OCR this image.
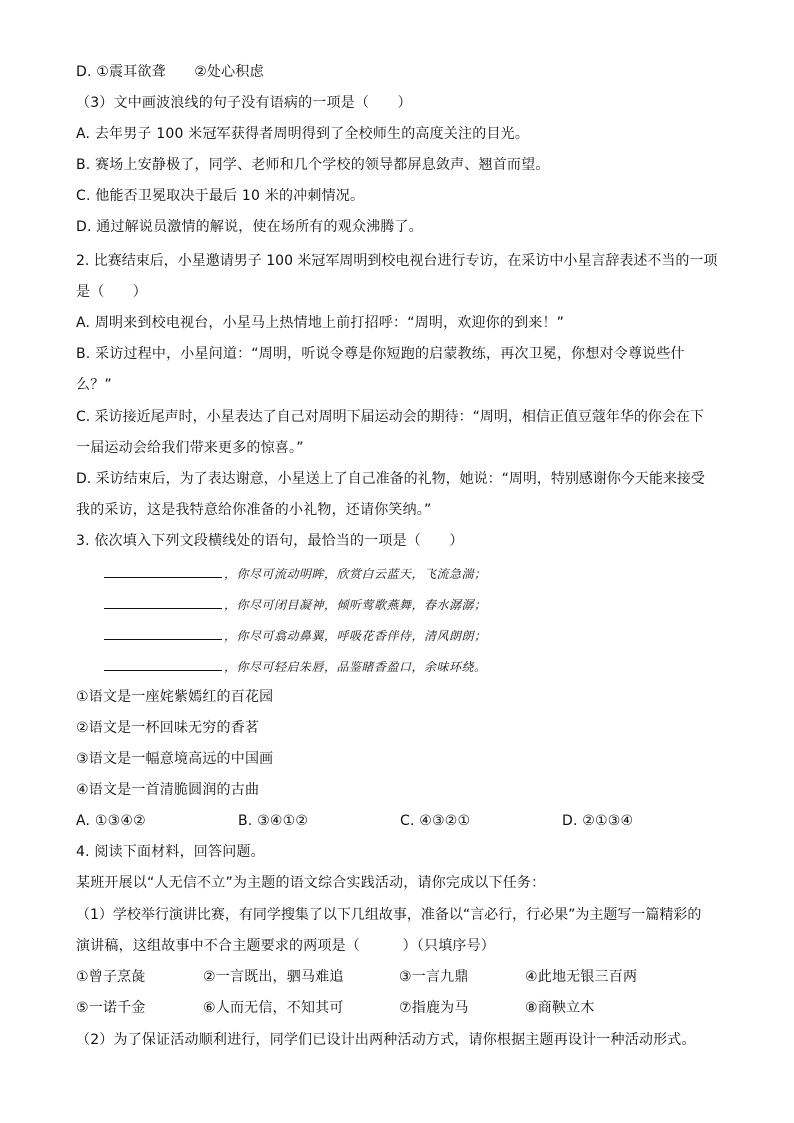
D. ①震耳欲聋　　②处心积虑
（3）文中画波浪线的句子没有语病的一项是（　　）
A. 去年男子 100 米冠军获得者周明得到了全校师生的高度关注的目光。
B. 赛场上安静极了，同学、老师和几个学校的领导都屏息敛声、翘首而望。
C. 他能否卫冕取决于最后 10 米的冲刺情况。
D. 通过解说员激情的解说，使在场所有的观众沸腾了。
2. 比赛结束后，小星邀请男子 100 米冠军周明到校电视台进行专访，在采访中小星言辞表述不当的一项
是（　　）
A. 周明来到校电视台，小星马上热情地上前打招呼：“周明，欢迎你的到来！”
B. 采访过程中，小星问道：“周明，听说令尊是你短跑的启蒙教练，再次卫冕，你想对令尊说些什
么？”
C. 采访接近尾声时，小星表达了自己对周明下届运动会的期待：“周明，相信正值豆蔻年华的你会在下
一届运动会给我们带来更多的惊喜。”
D. 采访结束后，为了表达谢意，小星送上了自己准备的礼物，她说：“周明，特别感谢你今天能来接受
我的采访，这是我特意给你准备的小礼物，还请你笑纳。”
3. 依次填入下列文段横线处的语句，最恰当的一项是（　　）
，你尽可流动明眸，欣赏白云蓝天，飞流急湍；
，你尽可闭目凝神，倾听莺歌燕舞，春水潺潺；
，你尽可翕动鼻翼，呼吸花香伴侍，清风朗朗；
，你尽可轻启朱唇，品鉴睹香盈口，余味环绕。
①语文是一座姹紫嫣红的百花园
②语文是一杯回味无穷的香茗
③语文是一幅意境高远的中国画
④语文是一首清脆圆润的古曲
A. ①③④②	B. ③④①②	C. ④③②①	D. ②①③④
4. 阅读下面材料，回答问题。
某班开展以“人无信不立”为主题的语文综合实践活动，请你完成以下任务：
（1）学校举行演讲比赛，有同学搜集了以下几组故事，准备以“言必行，行必果”为主题写一篇精彩的
演讲稿，这组故事中不合主题要求的两项是（　　　）（只填序号）
①曾子烹彘	②一言既出，驷马难追	③一言九鼎	④此地无银三百两
⑤一诺千金	⑥人而无信，不知其可	⑦指鹿为马	⑧商鞅立木
（2）为了保证活动顺利进行，同学们已设计出两种活动方式，请你根据主题再设计一种活动形式。
